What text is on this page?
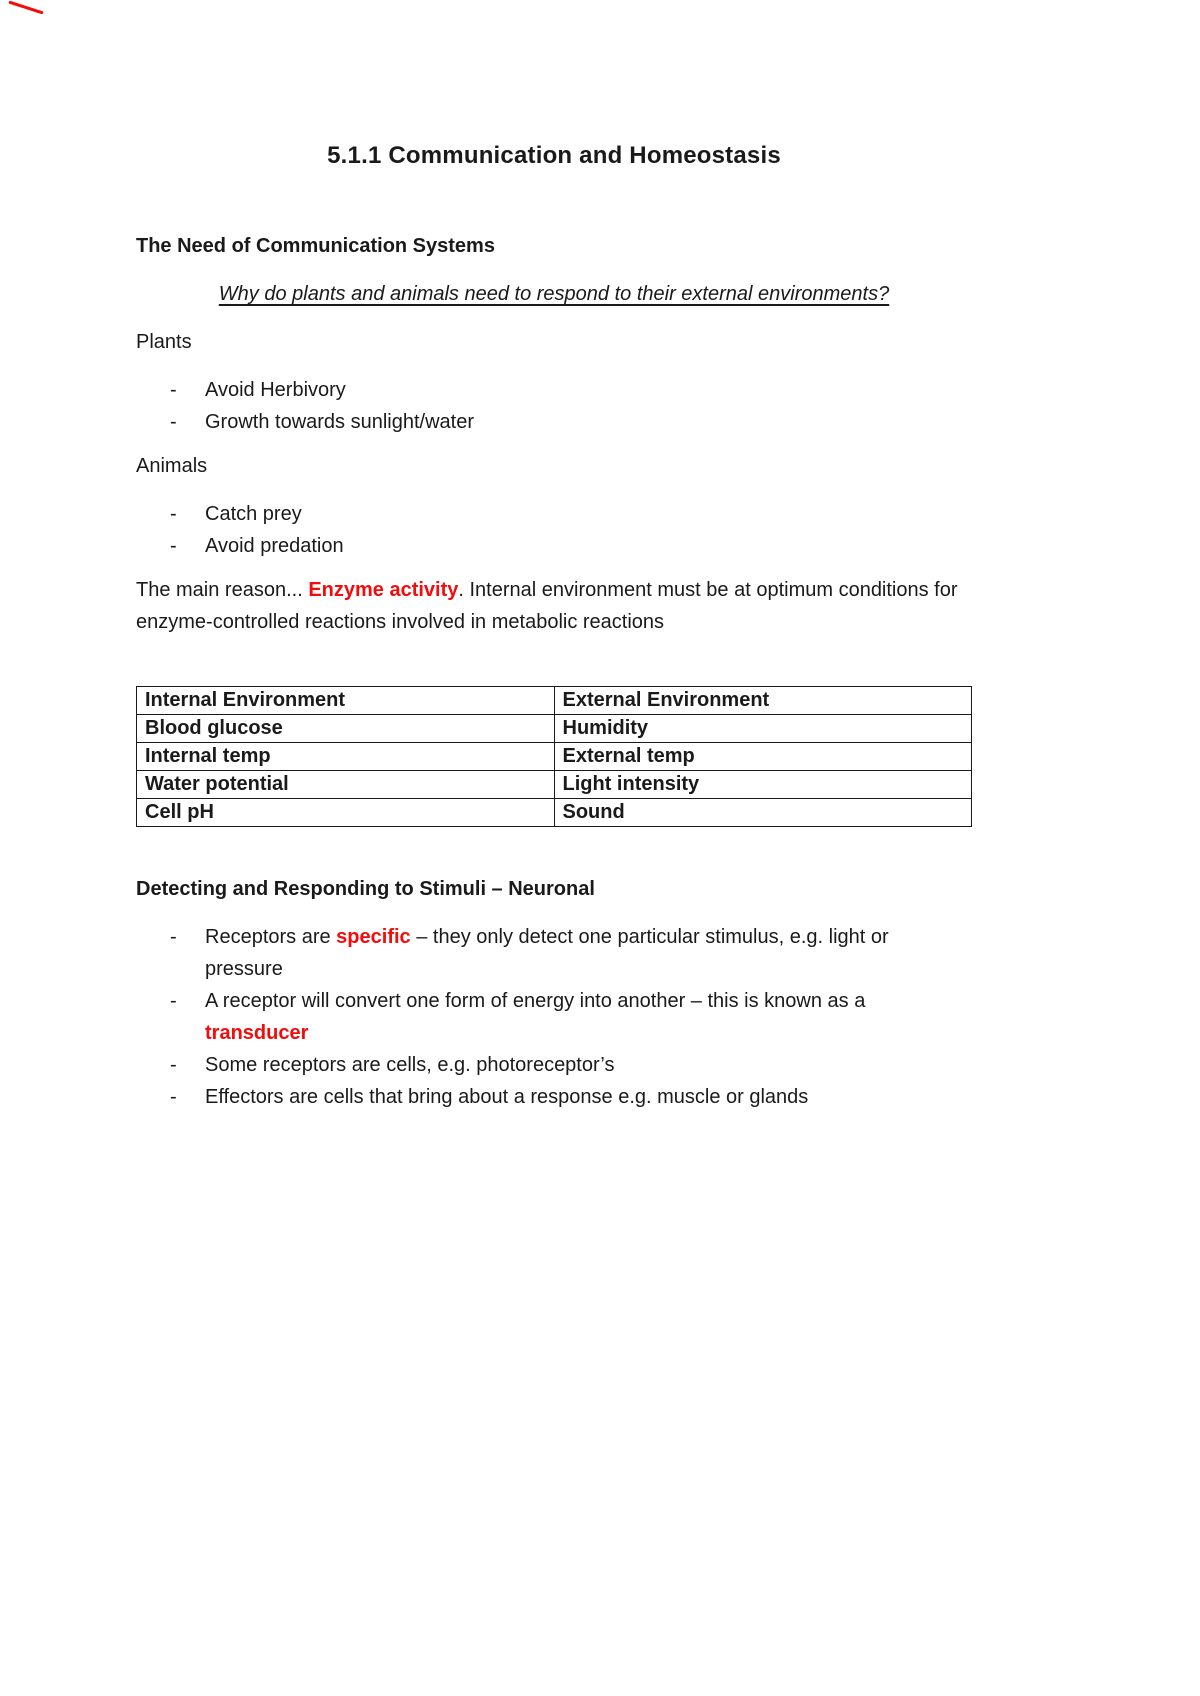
5.1.1 Communication and Homeostasis
The Need of Communication Systems

Why do plants and animals need to respond to their external environments?

Plants

- Avoid Herbivory
- Growth towards sunlight/water

Animals

- Catch prey
- Avoid predation

The main reason... Enzyme activity. Internal environment must be at optimum conditions for enzyme-controlled reactions involved in metabolic reactions

Internal Environment	External Environment
Blood glucose	Humidity
Internal temp	External temp
Water potential	Light intensity
Cell pH	Sound
Detecting and Responding to Stimuli – Neuronal
- Receptors are specific – they only detect one particular stimulus, e.g. light or pressure
- A receptor will convert one form of energy into another – this is known as a transducer
- Some receptors are cells, e.g. photoreceptor’s
- Effectors are cells that bring about a response e.g. muscle or glands
